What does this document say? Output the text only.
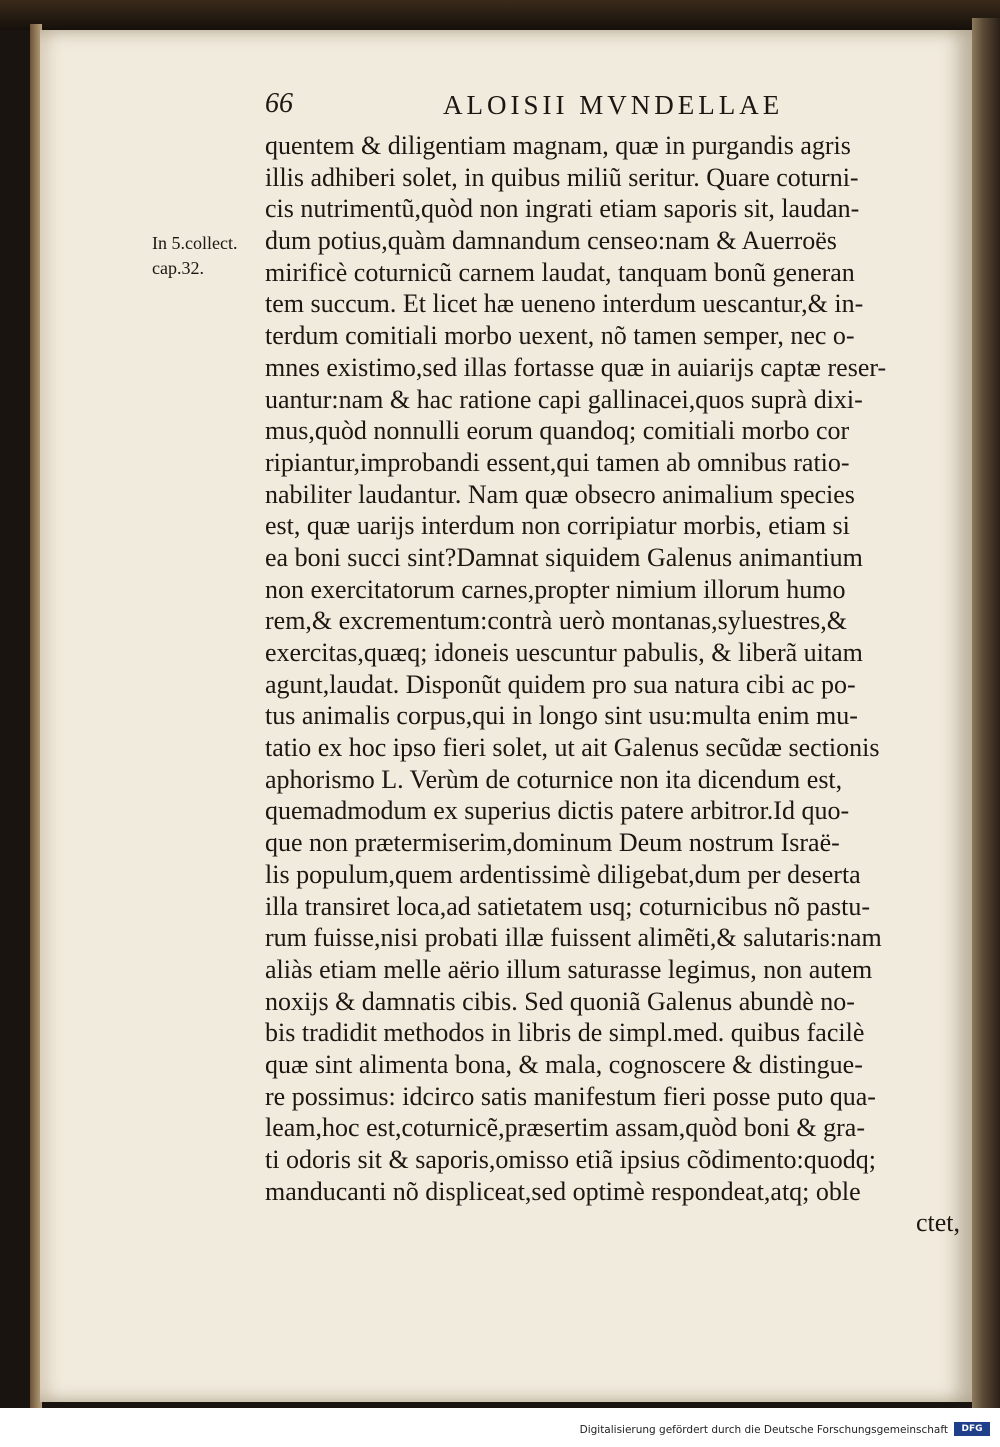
66	ALOISII MVNDELLAE
In 5.collect.
cap.32.
quentem & diligentiam magnam, quæ in purgandis agris
illis adhiberi solet, in quibus miliũ seritur. Quare coturni-
cis nutrimentũ,quòd non ingrati etiam saporis sit, laudan-
dum potius,quàm damnandum censeo:nam & Auerroës
mirificè coturnicũ carnem laudat, tanquam bonũ generan
tem succum. Et licet hæ ueneno interdum uescantur,& in-
terdum comitiali morbo uexent, nõ tamen semper, nec o-
mnes existimo,sed illas fortasse quæ in auiarijs captæ reser-
uantur:nam & hac ratione capi gallinacei,quos suprà dixi-
mus,quòd nonnulli eorum quandoq; comitiali morbo cor
ripiantur,improbandi essent,qui tamen ab omnibus ratio-
nabiliter laudantur. Nam quæ obsecro animalium species
est, quæ uarijs interdum non corripiatur morbis, etiam si
ea boni succi sint?Damnat siquidem Galenus animantium
non exercitatorum carnes,propter nimium illorum humo
rem,& excrementum:contrà uerò montanas,syluestres,&
exercitas,quæq; idoneis uescuntur pabulis, & liberã uitam
agunt,laudat. Disponũt quidem pro sua natura cibi ac po-
tus animalis corpus,qui in longo sint usu:multa enim mu-
tatio ex hoc ipso fieri solet, ut ait Galenus secũdæ sectionis
aphorismo L. Verùm de coturnice non ita dicendum est,
quemadmodum ex superius dictis patere arbitror.Id quo-
que non prætermiserim,dominum Deum nostrum Israë-
lis populum,quem ardentissimè diligebat,dum per deserta
illa transiret loca,ad satietatem usq; coturnicibus nõ pastu-
rum fuisse,nisi probati illæ fuissent alimẽti,& salutaris:nam
aliàs etiam melle aërio illum saturasse legimus, non autem
noxijs & damnatis cibis. Sed quoniã Galenus abundè no-
bis tradidit methodos in libris de simpl.med. quibus facilè
quæ sint alimenta bona, & mala, cognoscere & distingue-
re possimus: idcirco satis manifestum fieri posse puto qua-
leam,hoc est,coturnicẽ,præsertim assam,quòd boni & gra-
ti odoris sit & saporis,omisso etiã ipsius cõdimento:quodq;
manducanti nõ displiceat,sed optimè respondeat,atq; oble
ctet,
Digitalisierung gefördert durch die Deutsche Forschungsgemeinschaft	DFG
